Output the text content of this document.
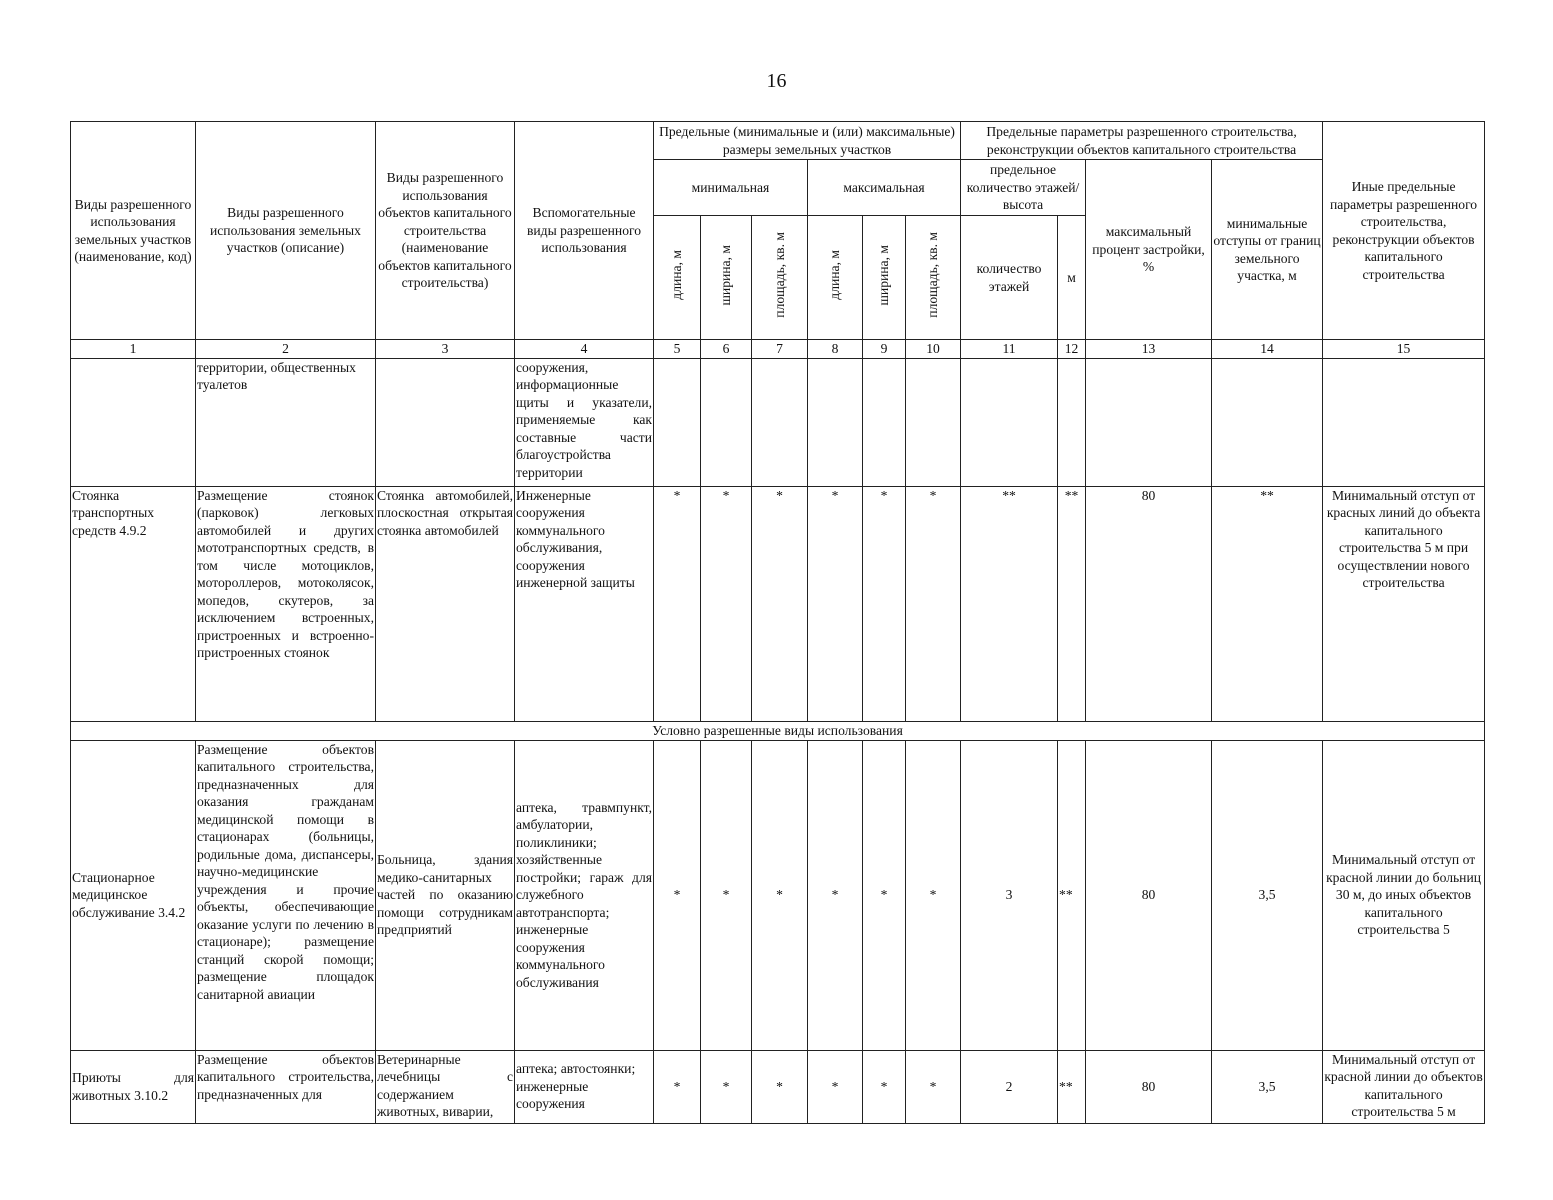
16
Виды разрешенного использования земельных участков (наименование, код)	Виды разрешенного использования земельных участков (описание)	Виды разрешенного использования объектов капитального строительства (наименование объектов капитального строительства)	Вспомогательные виды разрешенного использования	Предельные (минимальные и (или) максимальные) размеры земельных участков						Предельные параметры разрешенного строительства, реконструкции объектов капитального строительства				Иные предельные параметры разрешенного строительства, реконструкции объектов капитального строительства
				минимальная			максимальная			предельное количество этажей/высота		максимальный процент застройки, %	минимальные отступы от границ земельного участка, м	

				длина, м	ширина, м	площадь, кв. м	длина, м	ширина, м	площадь, кв. м	количество этажей	м			
1	2	3	4	5	6	7	8	9	10	11	12	13	14	15
	территории, общественных туалетов		сооружения, информационные щиты и указатели, применяемые как составные части благоустройства территории											
Стоянка транспортных средств 4.9.2	Размещение стоянок (парковок) легковых автомобилей и других мототранспортных средств, в том числе мотоциклов, мотороллеров, мотоколясок, мопедов, скутеров, за исключением встроенных, пристроенных и встроенно-пристроенных стоянок	Стоянка автомобилей, плоскостная открытая стоянка автомобилей	Инженерные сооружения коммунального обслуживания, сооружения инженерной защиты	*	*	*	*	*	*	**	**	80	**	Минимальный отступ от красных линий до объекта капитального строительства 5 м при осуществлении нового строительства
Условно разрешенные виды использования														
Стационарное медицинское обслуживание 3.4.2	Размещение объектов капитального строительства, предназначенных для оказания гражданам медицинской помощи в стационарах (больницы, родильные дома, диспансеры, научно-медицинские учреждения и прочие объекты, обеспечивающие оказание услуги по лечению в стационаре); размещение станций скорой помощи; размещение площадок санитарной авиации	Больница, здания медико-санитарных частей по оказанию помощи сотрудникам предприятий	аптека, травмпункт, амбулатории, поликлиники; хозяйственные постройки; гараж для служебного автотранспорта; инженерные сооружения коммунального обслуживания	*	*	*	*	*	*	3	**	80	3,5	Минимальный отступ от красной линии до больниц 30 м, до иных объектов капитального строительства 5
Приюты для животных 3.10.2	Размещение объектов капитального строительства, предназначенных для	Ветеринарные лечебницы с содержанием животных, виварии,	аптека; автостоянки; инженерные сооружения	*	*	*	*	*	*	2	**	80	3,5	Минимальный отступ от красной линии до объектов капитального строительства 5 м
